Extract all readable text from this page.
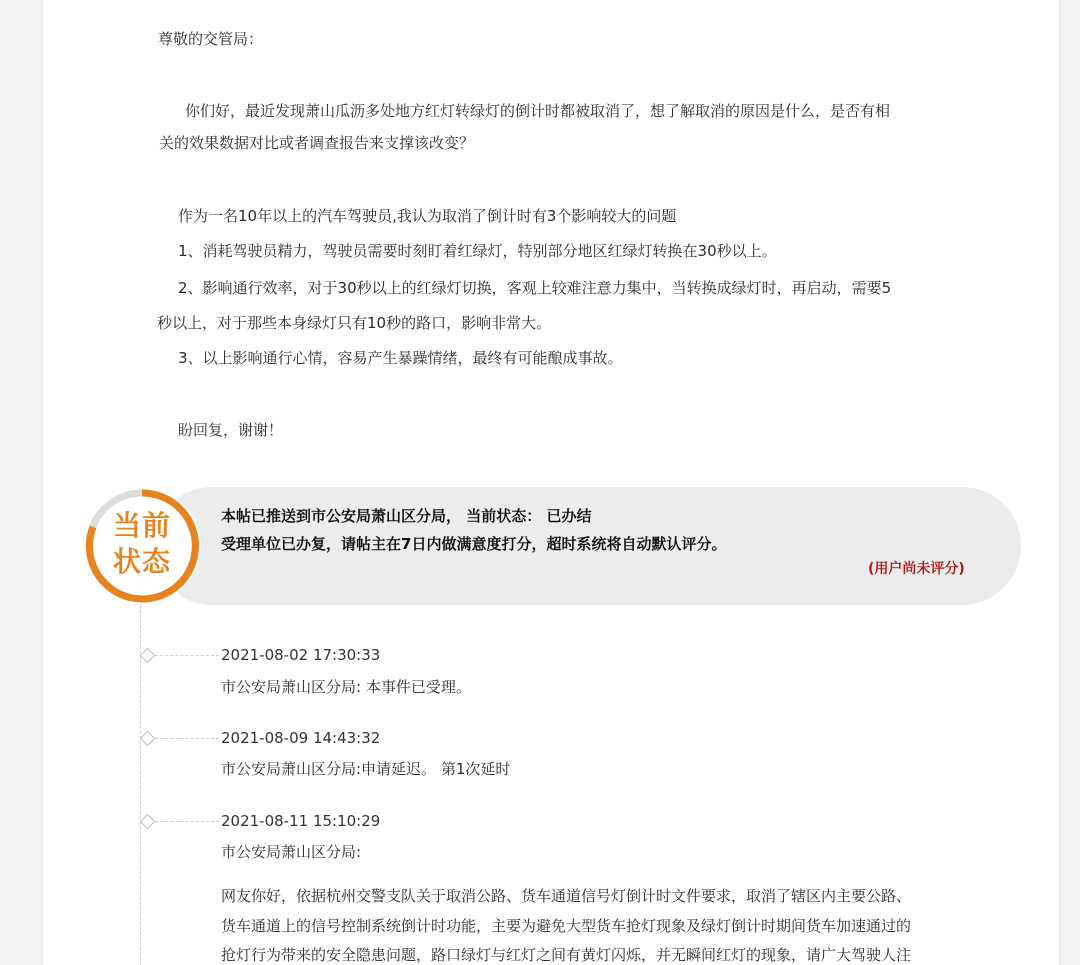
尊敬的交管局：
你们好，最近发现萧山瓜沥多处地方红灯转绿灯的倒计时都被取消了，想了解取消的原因是什么，是否有相
关的效果数据对比或者调查报告来支撑该改变？
作为一名10年以上的汽车驾驶员,我认为取消了倒计时有3个影响较大的问题
1、消耗驾驶员精力，驾驶员需要时刻盯着红绿灯，特别部分地区红绿灯转换在30秒以上。
2、影响通行效率，对于30秒以上的红绿灯切换，客观上较难注意力集中，当转换成绿灯时，再启动，需要5
秒以上，对于那些本身绿灯只有10秒的路口，影响非常大。
3、以上影响通行心情，容易产生暴躁情绪，最终有可能酿成事故。
盼回复，谢谢！
本帖已推送到市公安局萧山区分局， 当前状态： 已办结
受理单位已办复，请帖主在7日内做满意度打分，超时系统将自动默认评分。
(用户尚未评分)
当前
状态
2021-08-02 17:30:33
市公安局萧山区分局: 本事件已受理。
2021-08-09 14:43:32
市公安局萧山区分局:申请延迟。 第1次延时
2021-08-11 15:10:29
市公安局萧山区分局:
网友你好，依据杭州交警支队关于取消公路、货车通道信号灯倒计时文件要求，取消了辖区内主要公路、
货车通道上的信号控制系统倒计时功能，主要为避免大型货车抢灯现象及绿灯倒计时期间货车加速通过的
抢灯行为带来的安全隐患问题，路口绿灯与红灯之间有黄灯闪烁，并无瞬间红灯的现象，请广大驾驶人注
